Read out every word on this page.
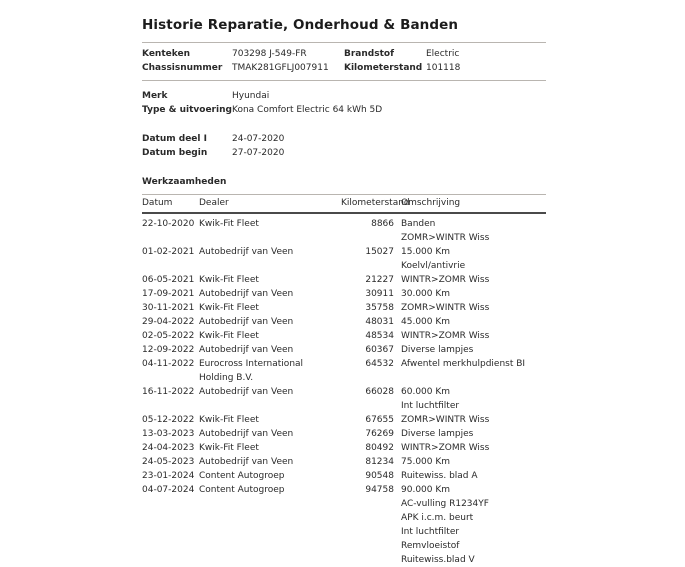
Historie Reparatie, Onderhoud & Banden
Kenteken	703298 J-549-FR	Brandstof	Electric
Chassisnummer	TMAK281GFLJ007911	Kilometerstand 101118
Merk	Hyundai
Type & uitvoering Kona Comfort Electric 64 kWh 5D
Datum deel I	24-07-2020
Datum begin	27-07-2020
Werkzaamheden
Datum	Dealer	Kilometerstand	Omschrijving
22-10-2020	Kwik-Fit Fleet	8866	Banden
ZOMR>WINTR Wiss

01-02-2021	Autobedrijf van Veen	15027	15.000 Km
Koelvl/antivrie

06-05-2021	Kwik-Fit Fleet	21227	WINTR>ZOMR Wiss

17-09-2021	Autobedrijf van Veen	30911	30.000 Km

30-11-2021	Kwik-Fit Fleet	35758	ZOMR>WINTR Wiss

29-04-2022	Autobedrijf van Veen	48031	45.000 Km

02-05-2022	Kwik-Fit Fleet	48534	WINTR>ZOMR Wiss

12-09-2022	Autobedrijf van Veen	60367	Diverse lampjes

04-11-2022	Eurocross International Holding B.V.	64532	Afwentel merkhulpdienst BI

16-11-2022	Autobedrijf van Veen	66028	60.000 Km
Int luchtfilter

05-12-2022	Kwik-Fit Fleet	67655	ZOMR>WINTR Wiss

13-03-2023	Autobedrijf van Veen	76269	Diverse lampjes

24-04-2023	Kwik-Fit Fleet	80492	WINTR>ZOMR Wiss

24-05-2023	Autobedrijf van Veen	81234	75.000 Km

23-01-2024	Content Autogroep	90548	Ruitewiss. blad A

04-07-2024	Content Autogroep	94758	90.000 Km
AC-vulling R1234YF
APK i.c.m. beurt
Int luchtfilter
Remvloeistof
Ruitewiss.blad V
